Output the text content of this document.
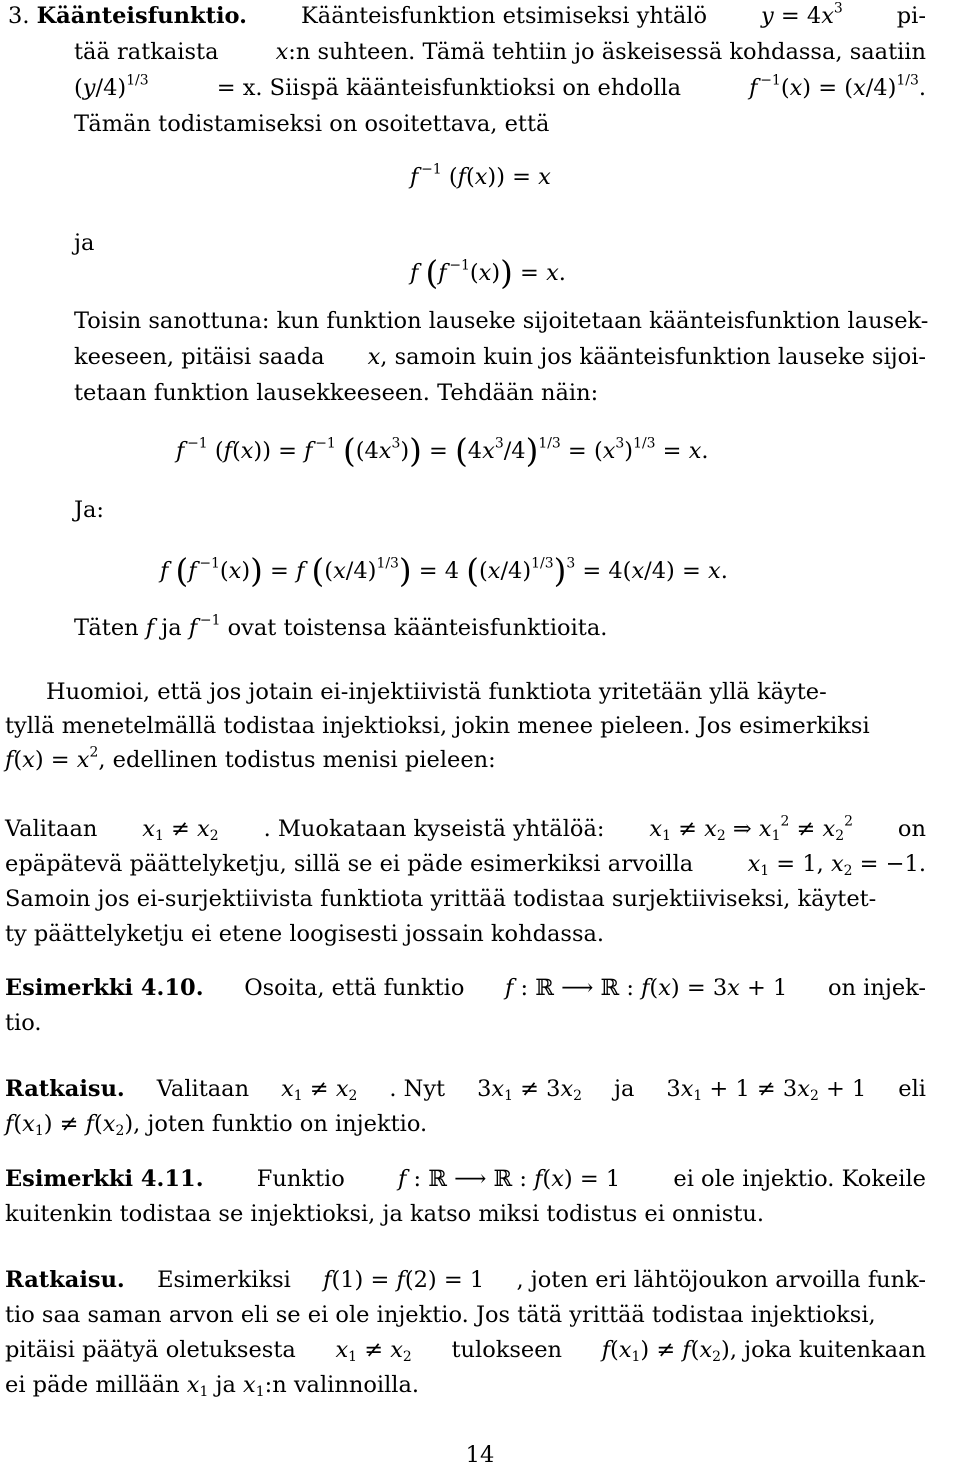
3. Käänteisfunktio. Käänteisfunktion etsimiseksi yhtälö $y = 4x^3$ pi-
tää ratkaista	x:n suhteen. Tämä tehtiin jo äskeisessä kohdassa, saatiin
$(y/4)^{1/3}$	= x. Siispä käänteisfunktioksi on ehdolla	f $^{-1}(x) = (x/4)^{1/3}$.
Tämän todistamiseksi on osoitettava, että
f $^{-1}$ (f(x)) = x
ja
f (f $^{-1}$(x)) = x.
Toisin sanottuna: kun funktion lauseke sijoitetaan käänteisfunktion lausek-
keeseen, pitäisi saada x, samoin kuin jos käänteisfunktion lauseke sijoi-
tetaan funktion lausekkeeseen. Tehdään näin:
f $^{-1}$ (f(x)) = f $^{-1}$ $((4x^3)) = (4x^3/4)^{1/3} = (x^3)^{1/3} = x$.
Ja:
f (f $^{-1}$(x)) = f $((x/4)^{1/3}) = 4$ $((x/4)^{1/3})^3 = 4(x/4) = x$.
Täten f ja f $^{-1}$ ovat toistensa käänteisfunktioita.
Huomioi, että jos jotain ei-injektiivistä funktiota yritetään yllä käyte-
tyllä menetelmällä todistaa injektioksi, jokin menee pieleen. Jos esimerkiksi
$f(x) = x^2$, edellinen todistus menisi pieleen:
Valitaan $x_1 \ne x_2$ . Muokataan kyseistä yhtälöä: $x_1 \ne x_2$ ⇒ $x_1^2 \ne x_2^2$ on
epäpätevä päättelyketju, sillä se ei päde esimerkiksi arvoilla $x_1 = 1$, $x_2 = -1$.
Samoin jos ei-surjektiivista funktiota yrittää todistaa surjektiiviseksi, käytet-
ty päättelyketju ei etene loogisesti jossain kohdassa.
Esimerkki 4.10. Osoita, että funktio f : ℝ ⟶ ℝ : f(x) = 3x + 1 on injek-
tio.
Ratkaisu. Valitaan $x_1 \ne x_2$ . Nyt $3x_1 \ne 3x_2$ ja $3x_1 + 1 \ne 3x_2 + 1$ eli
$f(x_1) \ne f(x_2)$, joten funktio on injektio.
Esimerkki 4.11. Funktio f : ℝ ⟶ ℝ : f(x) = 1 ei ole injektio. Kokeile
kuitenkin todistaa se injektioksi, ja katso miksi todistus ei onnistu.
Ratkaisu. Esimerkiksi f(1) = f(2) = 1 , joten eri lähtöjoukon arvoilla funk-
tio saa saman arvon eli se ei ole injektio. Jos tätä yrittää todistaa injektioksi,
pitäisi päätyä oletuksesta $x_1 \ne x_2$ tulokseen $f(x_1) \ne f(x_2)$, joka kuitenkaan
ei päde millään $x_1$ ja $x_1:n$ valinnoilla.
14
